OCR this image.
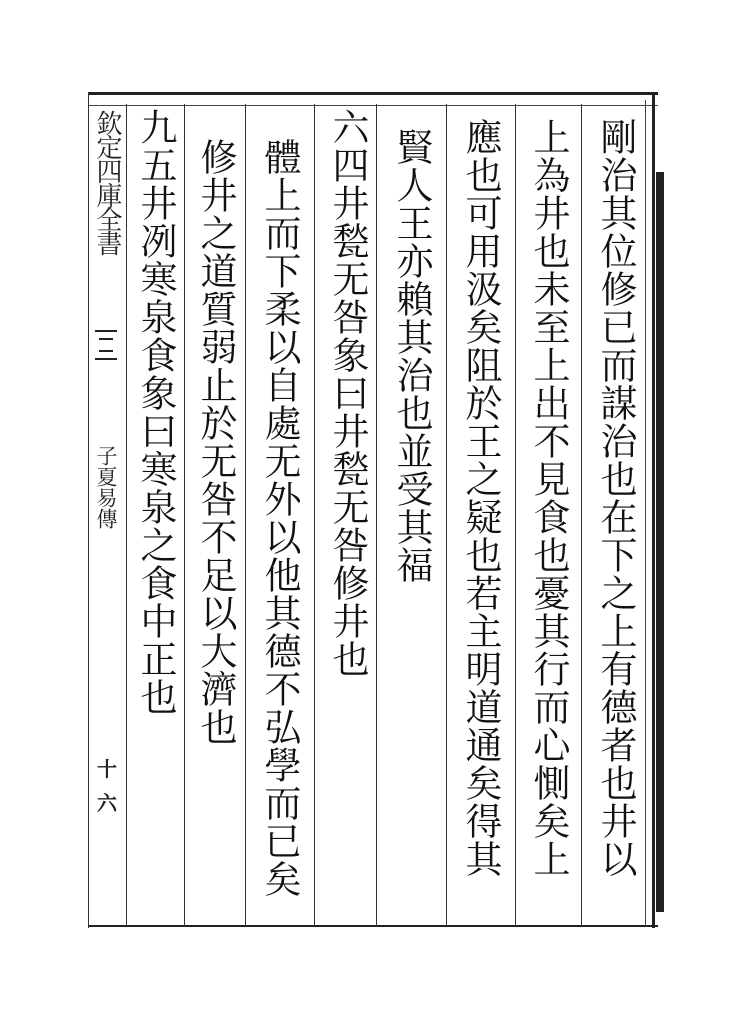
欽定四庫全書
子夏易傳
十六	剛治其位修已而謀治也在下之上有德者也井以
上為井也未至上出不見食也憂其行而心惻矣上
應也可用汲矣阻於王之疑也若主明道通矣得其
賢人王亦賴其治也並受其福
六四井甃无咎象曰井甃无咎修井也
體上而下柔以自處无外以他其德不弘學而已矣
修井之道質弱止於无咎不足以大濟也
九五井冽寒泉食象曰寒泉之食中正也
